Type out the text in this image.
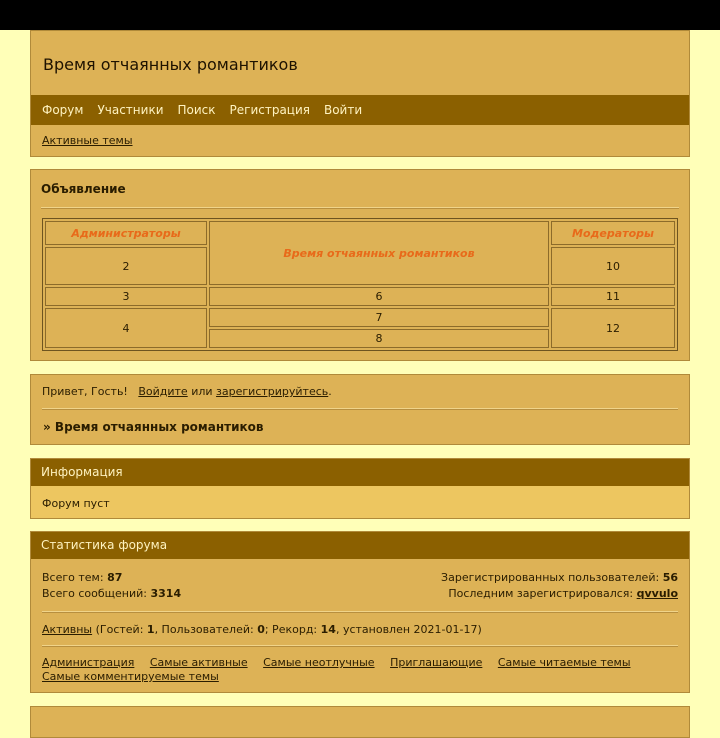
Время отчаянных романтиков
Форум Участники Поиск Регистрация Войти
Активные темы
Объявление
Администраторы	Время отчаянных романтиков	Модераторы
2		10
3	6	11
4	7	12
	8	
Привет, Гость! Войдите или зарегистрируйтесь.
» Время отчаянных романтиков
Информация
Форум пуст
Статистика форума
Всего тем: 87
Всего сообщений: 3314
Зарегистрированных пользователей: 56
Последним зарегистрировался: qvvulo
Активны (Гостей: 1, Пользователей: 0; Рекорд: 14, установлен 2021-01-17)
Администрация Самые активные Самые неотлучные Приглашающие Самые читаемые темы Самые комментируемые темы
